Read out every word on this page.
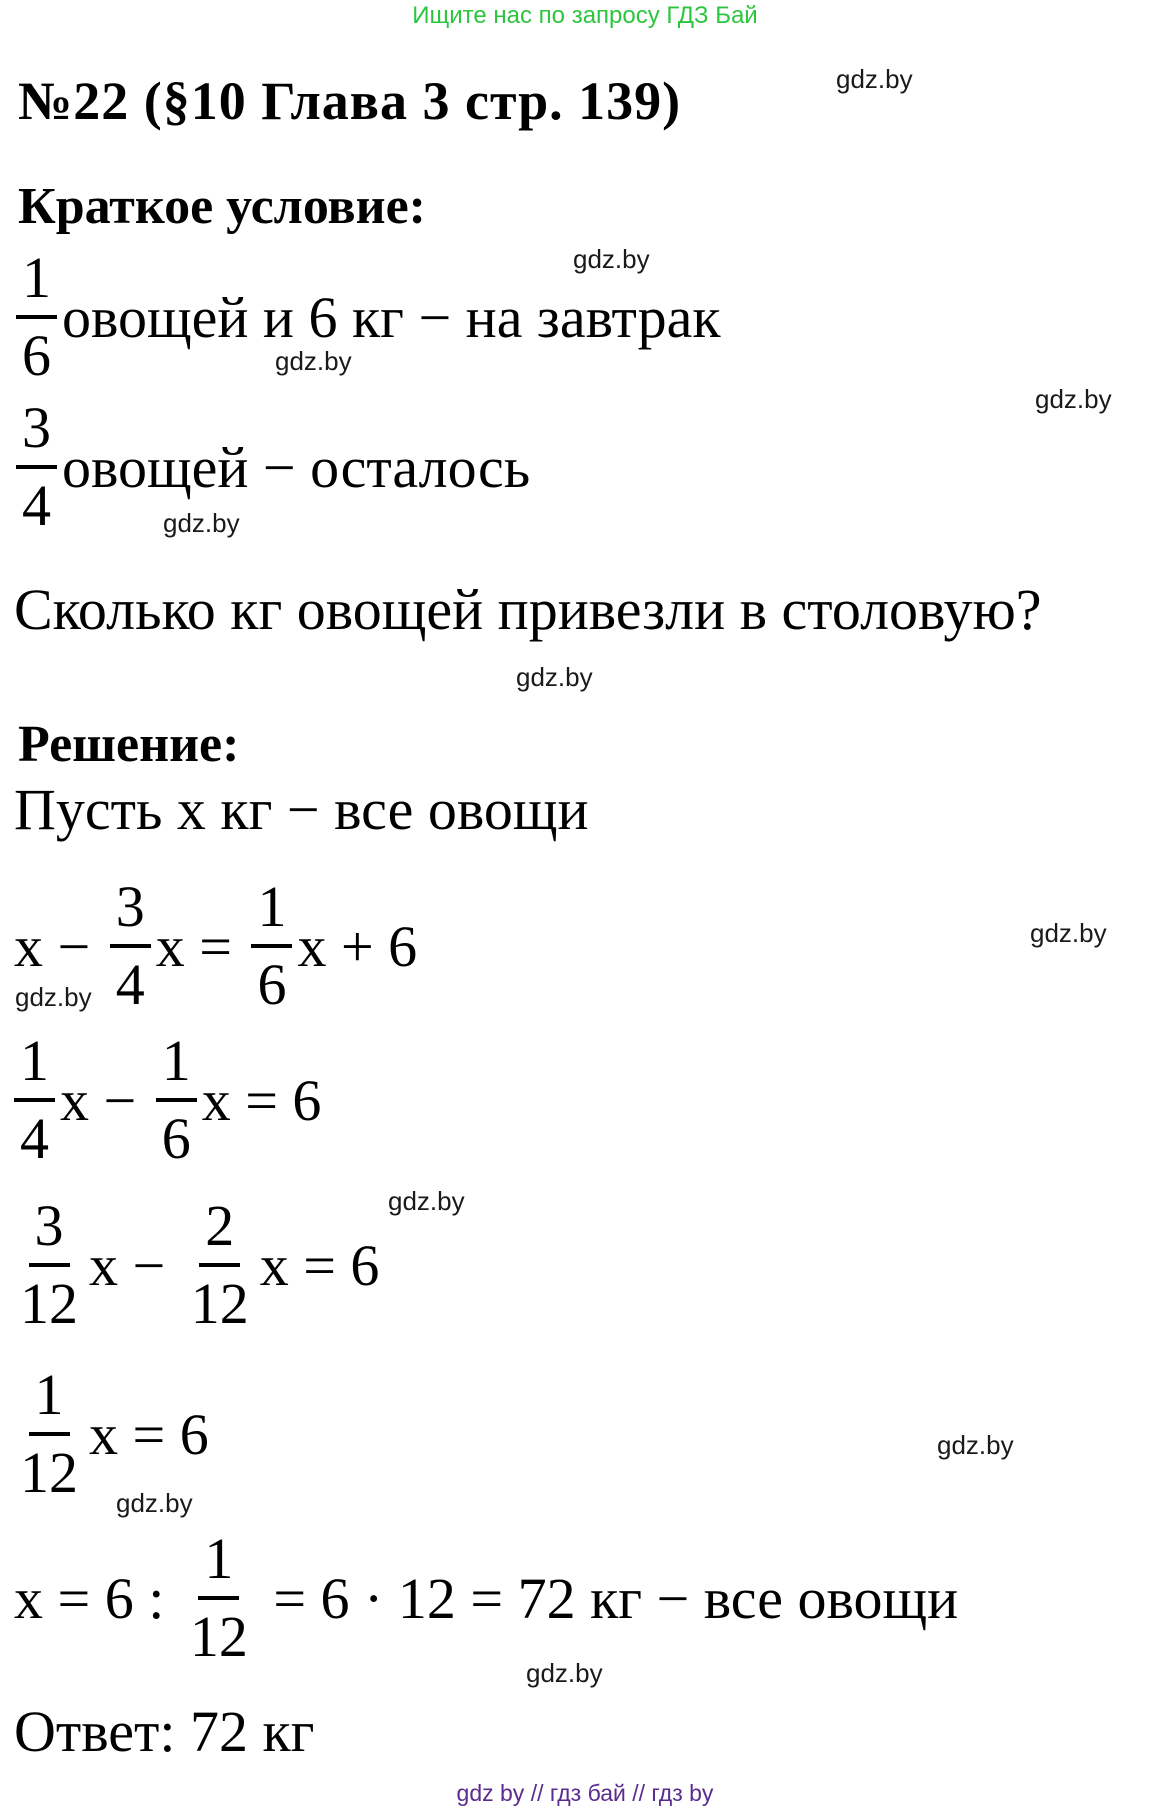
Ищите нас по запросу ГДЗ Бай
№22 (§10 Глава 3 стр. 139)	gdz.by
Краткое условие:
gdz.by
$\frac{1}{6}$ овощей и 6 кг − на завтрак
gdz.by
gdz.by
$\frac{3}{4}$ овощей − осталось
gdz.by
Сколько кг овощей привезли в столовую?
gdz.by
Решение:
Пусть x кг − все овощи
gdz.by
$x - \frac{3}{4}$ $x = \frac{1}{6}$ x + 6
gdz.by
$\frac{1}{4}$ $x - \frac{1}{6}$ x = 6
gdz.by
$\frac{3}{12}$ $x - \frac{2}{12}$ x = 6
gdz.by
$\frac{1}{12}$ x = 6
gdz.by
x = 6 : $\frac{1}{12} = 6 \cdot 12 = 72$ кг − все овощи
gdz.by
Ответ: 72 кг
gdz by // гдз бай // гдз by
